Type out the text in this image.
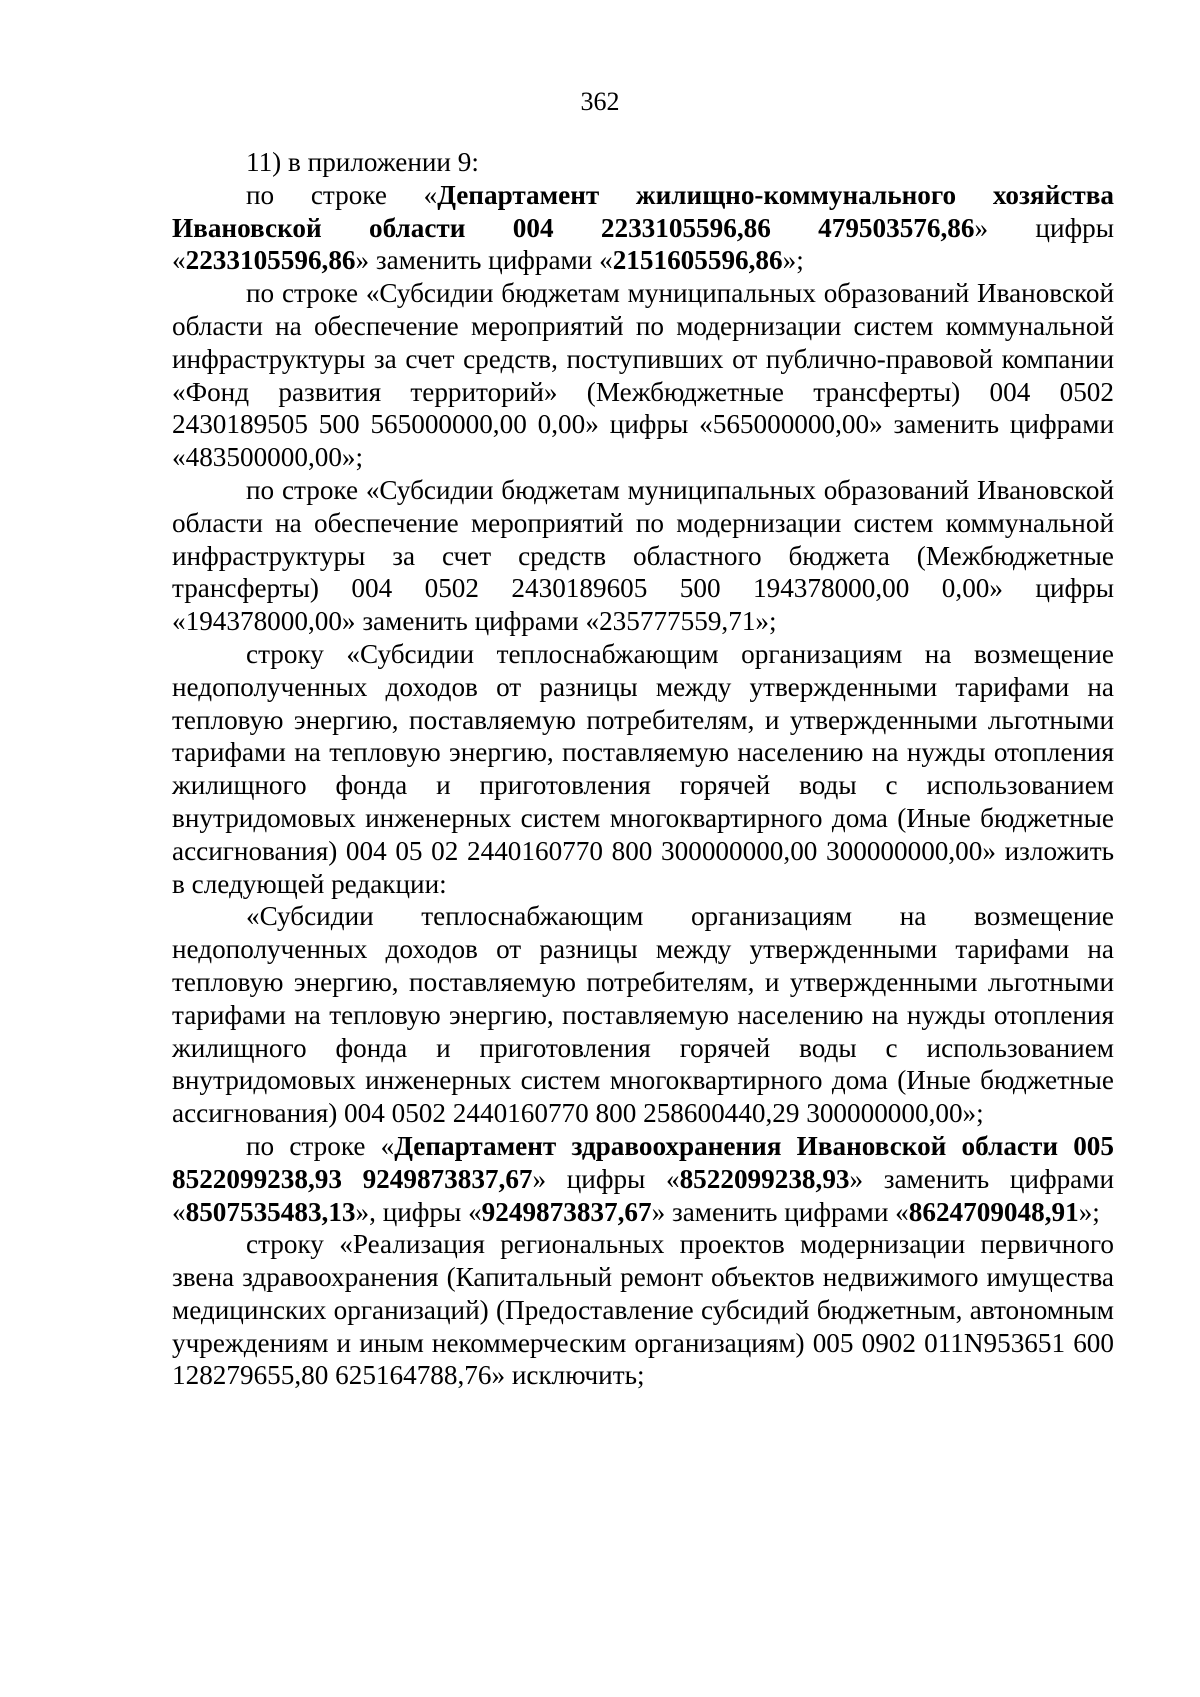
362

11) в приложении 9:

по строке «Департамент жилищно-коммунального хозяйства Ивановской области 004 2233105596,86 479503576,86» цифры «2233105596,86» заменить цифрами «2151605596,86»;

по строке «Субсидии бюджетам муниципальных образований Ивановской области на обеспечение мероприятий по модернизации систем коммунальной инфраструктуры за счет средств, поступивших от публично-правовой компании «Фонд развития территорий» (Межбюджетные трансферты) 004 0502 2430189505 500 565000000,00 0,00» цифры «565000000,00» заменить цифрами «483500000,00»;

по строке «Субсидии бюджетам муниципальных образований Ивановской области на обеспечение мероприятий по модернизации систем коммунальной инфраструктуры за счет средств областного бюджета (Межбюджетные трансферты) 004 0502 2430189605 500 194378000,00 0,00» цифры «194378000,00» заменить цифрами «235777559,71»;

строку «Субсидии теплоснабжающим организациям на возмещение недополученных доходов от разницы между утвержденными тарифами на тепловую энергию, поставляемую потребителям, и утвержденными льготными тарифами на тепловую энергию, поставляемую населению на нужды отопления жилищного фонда и приготовления горячей воды с использованием внутридомовых инженерных систем многоквартирного дома (Иные бюджетные ассигнования) 004 05 02 2440160770 800 300000000,00 300000000,00» изложить в следующей редакции:

«Субсидии теплоснабжающим организациям на возмещение недополученных доходов от разницы между утвержденными тарифами на тепловую энергию, поставляемую потребителям, и утвержденными льготными тарифами на тепловую энергию, поставляемую населению на нужды отопления жилищного фонда и приготовления горячей воды с использованием внутридомовых инженерных систем многоквартирного дома (Иные бюджетные ассигнования) 004 0502 2440160770 800 258600440,29 300000000,00»;

по строке «Департамент здравоохранения Ивановской области 005 8522099238,93 9249873837,67» цифры «8522099238,93» заменить цифрами «8507535483,13», цифры «9249873837,67» заменить цифрами «8624709048,91»;

строку «Реализация региональных проектов модернизации первичного звена здравоохранения (Капитальный ремонт объектов недвижимого имущества медицинских организаций) (Предоставление субсидий бюджетным, автономным учреждениям и иным некоммерческим организациям) 005 0902 011N953651 600 128279655,80 625164788,76» исключить;
